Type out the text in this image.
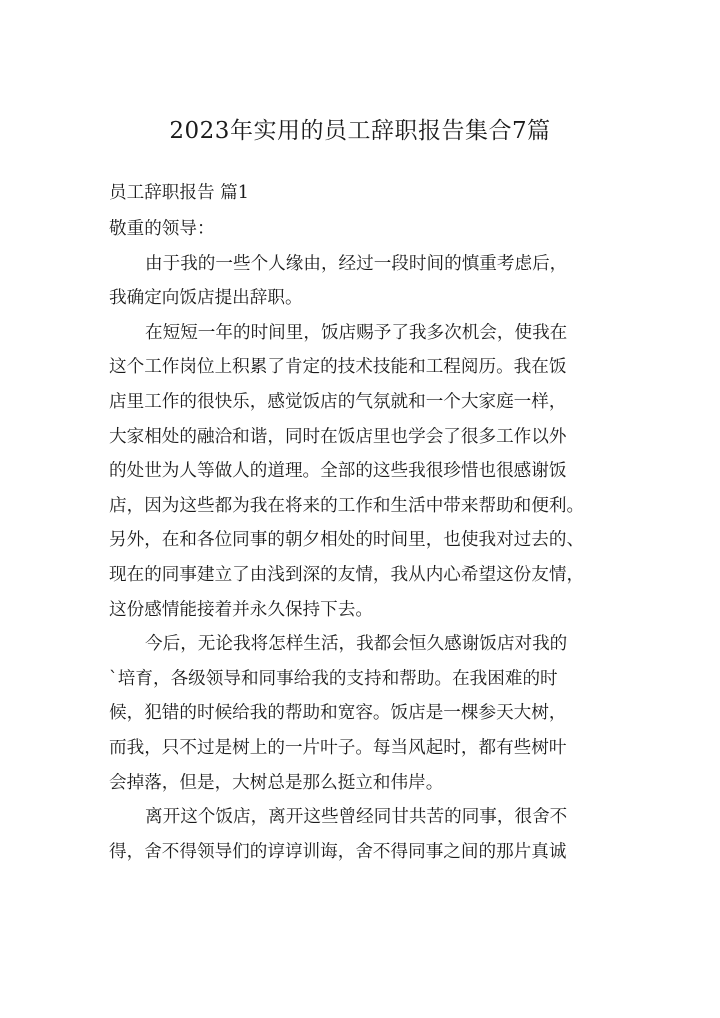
2023年实用的员工辞职报告集合7篇
员工辞职报告 篇1
敬重的领导：
由于我的一些个人缘由，经过一段时间的慎重考虑后，
我确定向饭店提出辞职。
在短短一年的时间里，饭店赐予了我多次机会，使我在
这个工作岗位上积累了肯定的技术技能和工程阅历。我在饭
店里工作的很快乐，感觉饭店的气氛就和一个大家庭一样，
大家相处的融洽和谐，同时在饭店里也学会了很多工作以外
的处世为人等做人的道理。全部的这些我很珍惜也很感谢饭
店，因为这些都为我在将来的工作和生活中带来帮助和便利。
另外，在和各位同事的朝夕相处的时间里，也使我对过去的、
现在的同事建立了由浅到深的友情，我从内心希望这份友情，
这份感情能接着并永久保持下去。
今后，无论我将怎样生活，我都会恒久感谢饭店对我的
`培育，各级领导和同事给我的支持和帮助。在我困难的时
候，犯错的时候给我的帮助和宽容。饭店是一棵参天大树，
而我，只不过是树上的一片叶子。每当风起时，都有些树叶
会掉落，但是，大树总是那么挺立和伟岸。
离开这个饭店，离开这些曾经同甘共苦的同事，很舍不
得，舍不得领导们的谆谆训诲，舍不得同事之间的那片真诚
